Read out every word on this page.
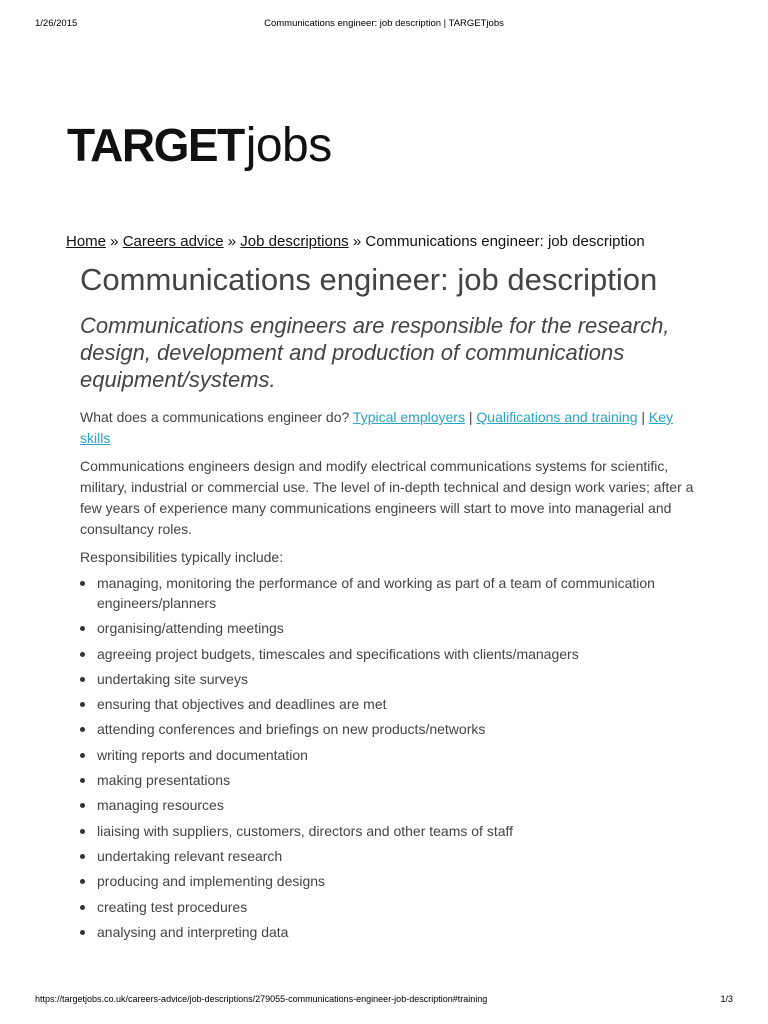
1/26/2015	Communications engineer: job description | TARGETjobs
TARGETjobs
Home » Careers advice » Job descriptions » Communications engineer: job description
Communications engineer: job description

Communications engineers are responsible for the research, design, development and production of communications equipment/systems.

What does a communications engineer do? Typical employers | Qualifications and training | Key skills

Communications engineers design and modify electrical communications systems for scientific, military, industrial or commercial use. The level of in-depth technical and design work varies; after a few years of experience many communications engineers will start to move into managerial and consultancy roles.

Responsibilities typically include:

managing, monitoring the performance of and working as part of a team of communication engineers/planners
organising/attending meetings
agreeing project budgets, timescales and specifications with clients/managers
undertaking site surveys
ensuring that objectives and deadlines are met
attending conferences and briefings on new products/networks
writing reports and documentation
making presentations
managing resources
liaising with suppliers, customers, directors and other teams of staff
undertaking relevant research
producing and implementing designs
creating test procedures
analysing and interpreting data
https://targetjobs.co.uk/careers-advice/job-descriptions/279055-communications-engineer-job-description#training	1/3
